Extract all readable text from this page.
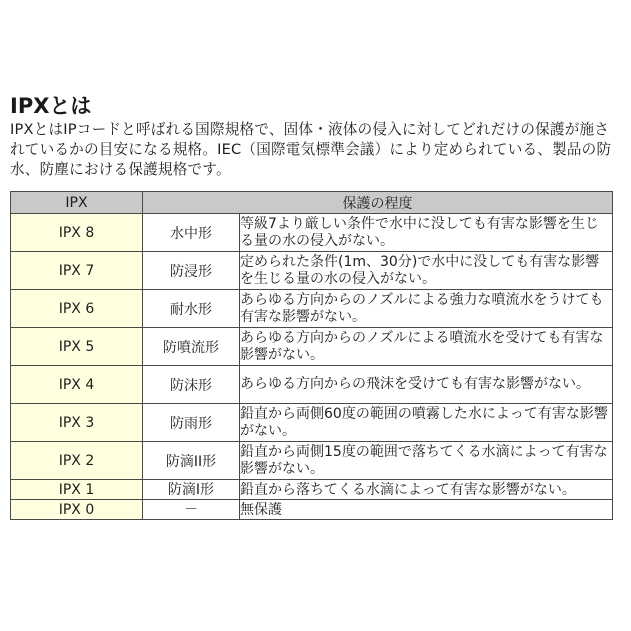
IPXとは

IPXとはIPコードと呼ばれる国際規格で、固体・液体の侵入に対してどれだけの保護が施されているかの目安になる規格。IEC（国際電気標準会議）により定められている、製品の防水、防塵における保護規格です。

IPX	保護の程度	
IPX 8	水中形	等級7より厳しい条件で水中に没しても有害な影響を生じる量の水の侵入がない。
IPX 7	防浸形	定められた条件(1m、30分)で水中に没しても有害な影響を生じる量の水の侵入がない。
IPX 6	耐水形	あらゆる方向からのノズルによる強力な噴流水をうけても有害な影響がない。
IPX 5	防噴流形	あらゆる方向からのノズルによる噴流水を受けても有害な影響がない。
IPX 4	防沫形	あらゆる方向からの飛沫を受けても有害な影響がない。
IPX 3	防雨形	鉛直から両側60度の範囲の噴霧した水によって有害な影響がない。
IPX 2	防滴II形	鉛直から両側15度の範囲で落ちてくる水滴によって有害な影響がない。
IPX 1	防滴I形	鉛直から落ちてくる水滴によって有害な影響がない。
IPX 0	－	無保護
